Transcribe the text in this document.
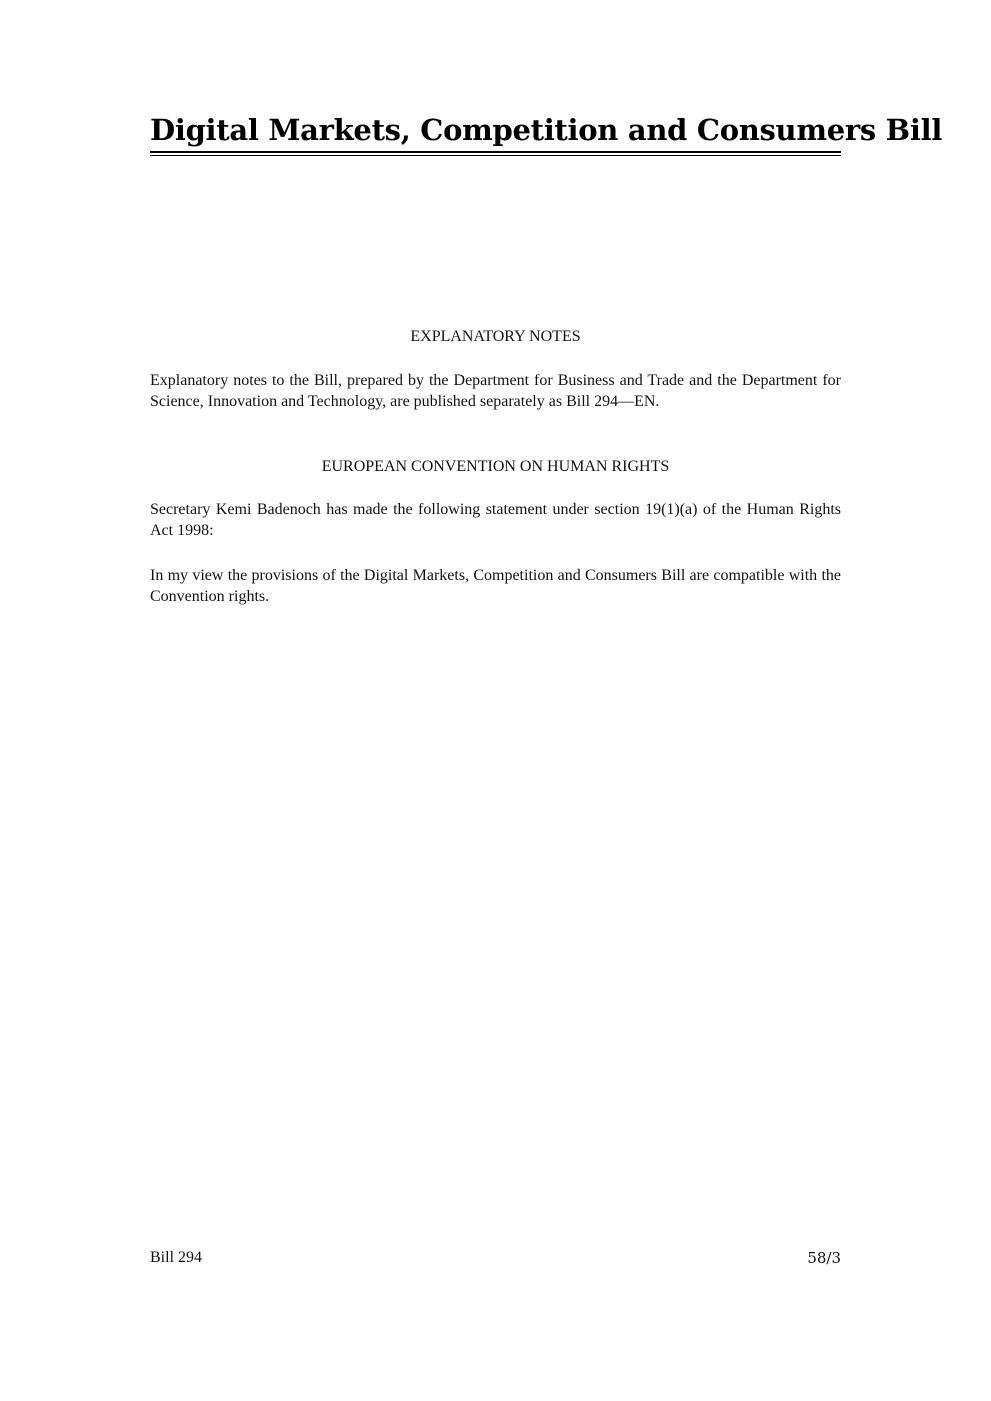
Digital Markets, Competition and Consumers Bill
EXPLANATORY NOTES

Explanatory notes to the Bill, prepared by the Department for Business and Trade and the Department for Science, Innovation and Technology, are published separately as Bill 294—EN.

EUROPEAN CONVENTION ON HUMAN RIGHTS

Secretary Kemi Badenoch has made the following statement under section 19(1)(a) of the Human Rights Act 1998:

In my view the provisions of the Digital Markets, Competition and Consumers Bill are compatible with the Convention rights.

Bill 294	58/3
